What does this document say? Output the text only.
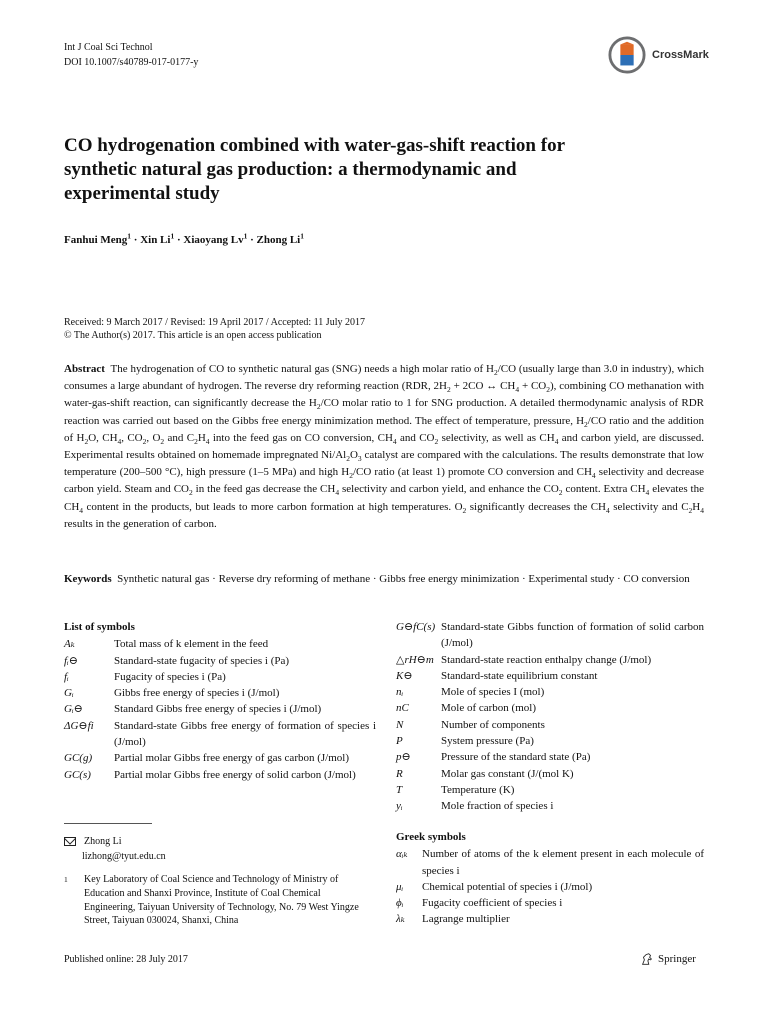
Int J Coal Sci Technol
DOI 10.1007/s40789-017-0177-y
CrossMark
CO hydrogenation combined with water-gas-shift reaction for synthetic natural gas production: a thermodynamic and experimental study
Fanhui Meng$^1$ · Xin $Li^1$ · Xiaoyang $Lv^1$ · Zhong Li$^1$
Received: 9 March 2017 / Revised: 19 April 2017 / Accepted: 11 July 2017
© The Author(s) 2017. This article is an open access publication

Abstract  The hydrogenation of CO to synthetic natural gas (SNG) needs a high molar ratio of $H_2/CO$ (usually large than 3.0 in industry), which consumes a large abundant of hydrogen. The reverse dry reforming reaction (RDR, $2H_2 + 2CO$ ↔ $CH_4 + CO_2$), combining CO methanation with water-gas-shift reaction, can significantly decrease the $H_2/CO$ molar ratio to 1 for SNG production. A detailed thermodynamic analysis of RDR reaction was carried out based on the Gibbs free energy minimization method. The effect of temperature, pressure, $H_2/CO$ ratio and the addition of $H_2O$, $CH_4$, $CO_2$, $O_2$ and $C_2H_4$ into the feed gas on CO conversion, $CH_4$ and $CO_2$ selectivity, as well as $CH_4$ and carbon yield, are discussed. Experimental results obtained on homemade impregnated $Ni/Al_2O_3$ catalyst are compared with the calculations. The results demonstrate that low temperature (200–500 °C), high pressure (1–5 MPa) and high $H_2/CO$ ratio (at least 1) promote CO conversion and $CH_4$ selectivity and decrease carbon yield. Steam and $CO_2$ in the feed gas decrease the $CH_4$ selectivity and carbon yield, and enhance the $CO_2$ content. Extra $CH_4$ elevates the $CH_4$ content in the products, but leads to more carbon formation at high temperatures. $O_2$ significantly decreases the $CH_4$ selectivity and $C_2H_4$ results in the generation of carbon.

Keywords Synthetic natural gas · Reverse dry reforming of methane · Gibbs free energy minimization · Experimental study · CO conversion
List of symbols
Aₖ	Total mass of k element in the feed
fᵢ⊖	Standard-state fugacity of species i (Pa)
fᵢ	Fugacity of species i (Pa)
Gᵢ	Gibbs free energy of species i (J/mol)
Gᵢ⊖	Standard Gibbs free energy of species i (J/mol)
ΔG⊖fi	Standard-state Gibbs free energy of formation of species i (J/mol)
GC(g)	Partial molar Gibbs free energy of gas carbon (J/mol)
GC(s)	Partial molar Gibbs free energy of solid carbon (J/mol)
G⊖fC(s) Standard-state Gibbs function of formation of solid carbon (J/mol)
△rH⊖m Standard-state reaction enthalpy change (J/mol)
K⊖	Standard-state equilibrium constant
nᵢ	Mole of species I (mol)
nC	Mole of carbon (mol)
N	Number of components
P	System pressure (Pa)
p⊖	Pressure of the standard state (Pa)
R	Molar gas constant (J/(mol K)
T	Temperature (K)
yᵢ	Mole fraction of species i
Zhong Li
lizhong@tyut.edu.cn
1	Key Laboratory of Coal Science and Technology of Ministry of Education and Shanxi Province, Institute of Coal Chemical Engineering, Taiyuan University of Technology, No. 79 West Yingze Street, Taiyuan 030024, Shanxi, China
Greek symbols
αᵢₖ	Number of atoms of the k element present in each molecule of species i
μᵢ	Chemical potential of species i (J/mol)
ϕᵢ	Fugacity coefficient of species i
λₖ	Lagrange multiplier
Published online: 28 July 2017	Springer
